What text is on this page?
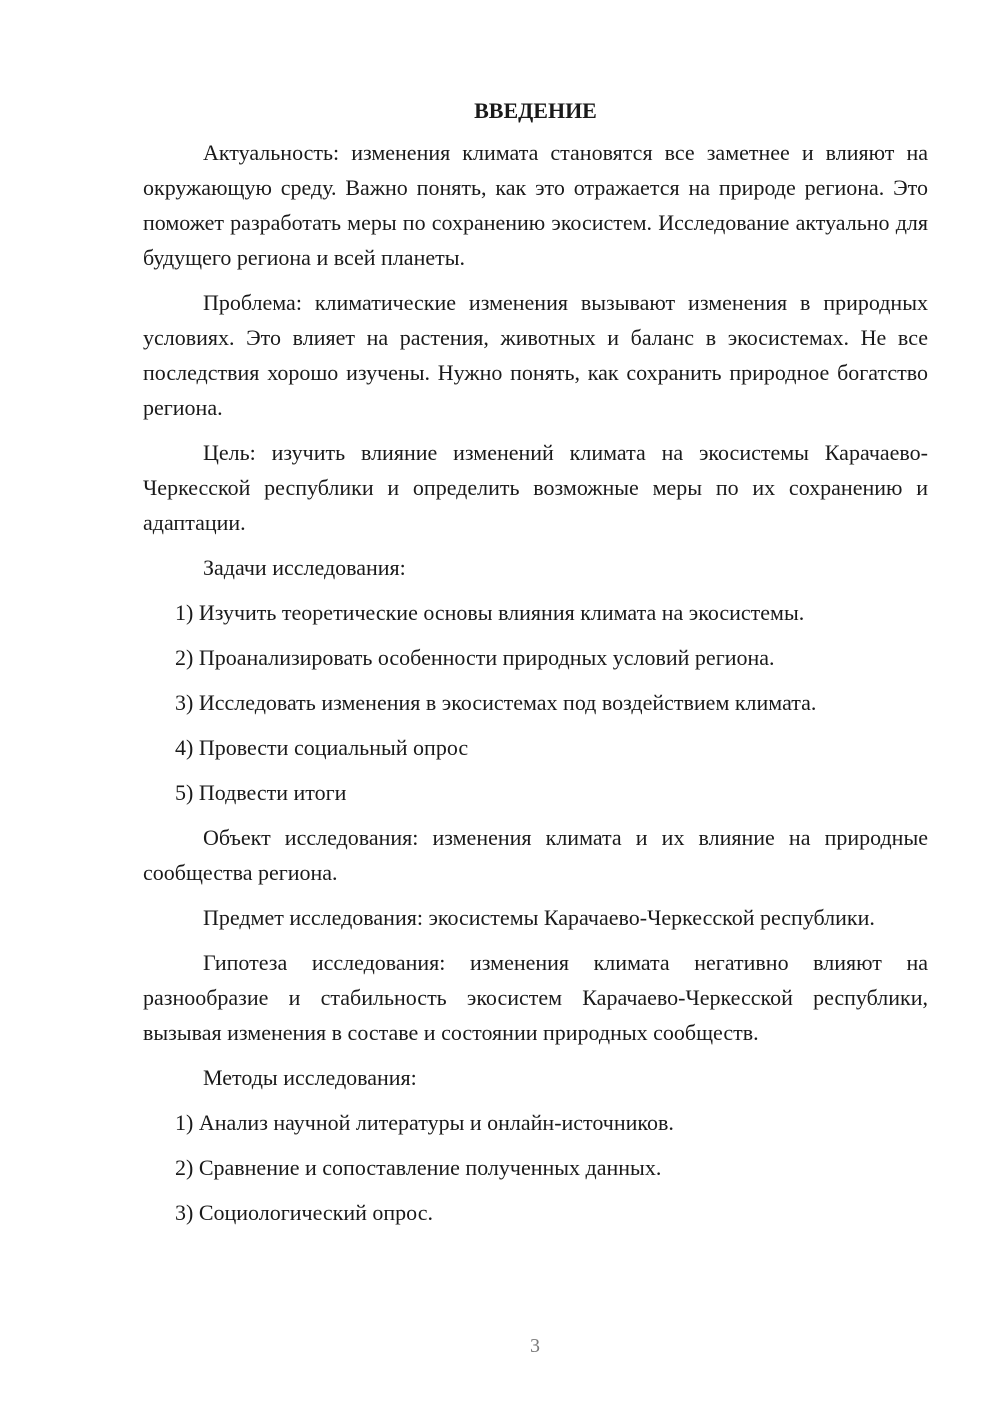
ВВЕДЕНИЕ

Актуальность: изменения климата становятся все заметнее и влияют на окружающую среду. Важно понять, как это отражается на природе региона. Это поможет разработать меры по сохранению экосистем. Исследование актуально для будущего региона и всей планеты.

Проблема: климатические изменения вызывают изменения в природных условиях. Это влияет на растения, животных и баланс в экосистемах. Не все последствия хорошо изучены. Нужно понять, как сохранить природное богатство региона.

Цель: изучить влияние изменений климата на экосистемы Карачаево-Черкесской республики и определить возможные меры по их сохранению и адаптации.

Задачи исследования:

1) Изучить теоретические основы влияния климата на экосистемы.

2) Проанализировать особенности природных условий региона.

3) Исследовать изменения в экосистемах под воздействием климата.

4) Провести социальный опрос

5) Подвести итоги

Объект исследования: изменения климата и их влияние на природные сообщества региона.

Предмет исследования: экосистемы Карачаево-Черкесской республики.

Гипотеза исследования: изменения климата негативно влияют на разнообразие и стабильность экосистем Карачаево-Черкесской республики, вызывая изменения в составе и состоянии природных сообществ.

Методы исследования:

1) Анализ научной литературы и онлайн-источников.

2) Сравнение и сопоставление полученных данных.

3) Социологический опрос.

3
